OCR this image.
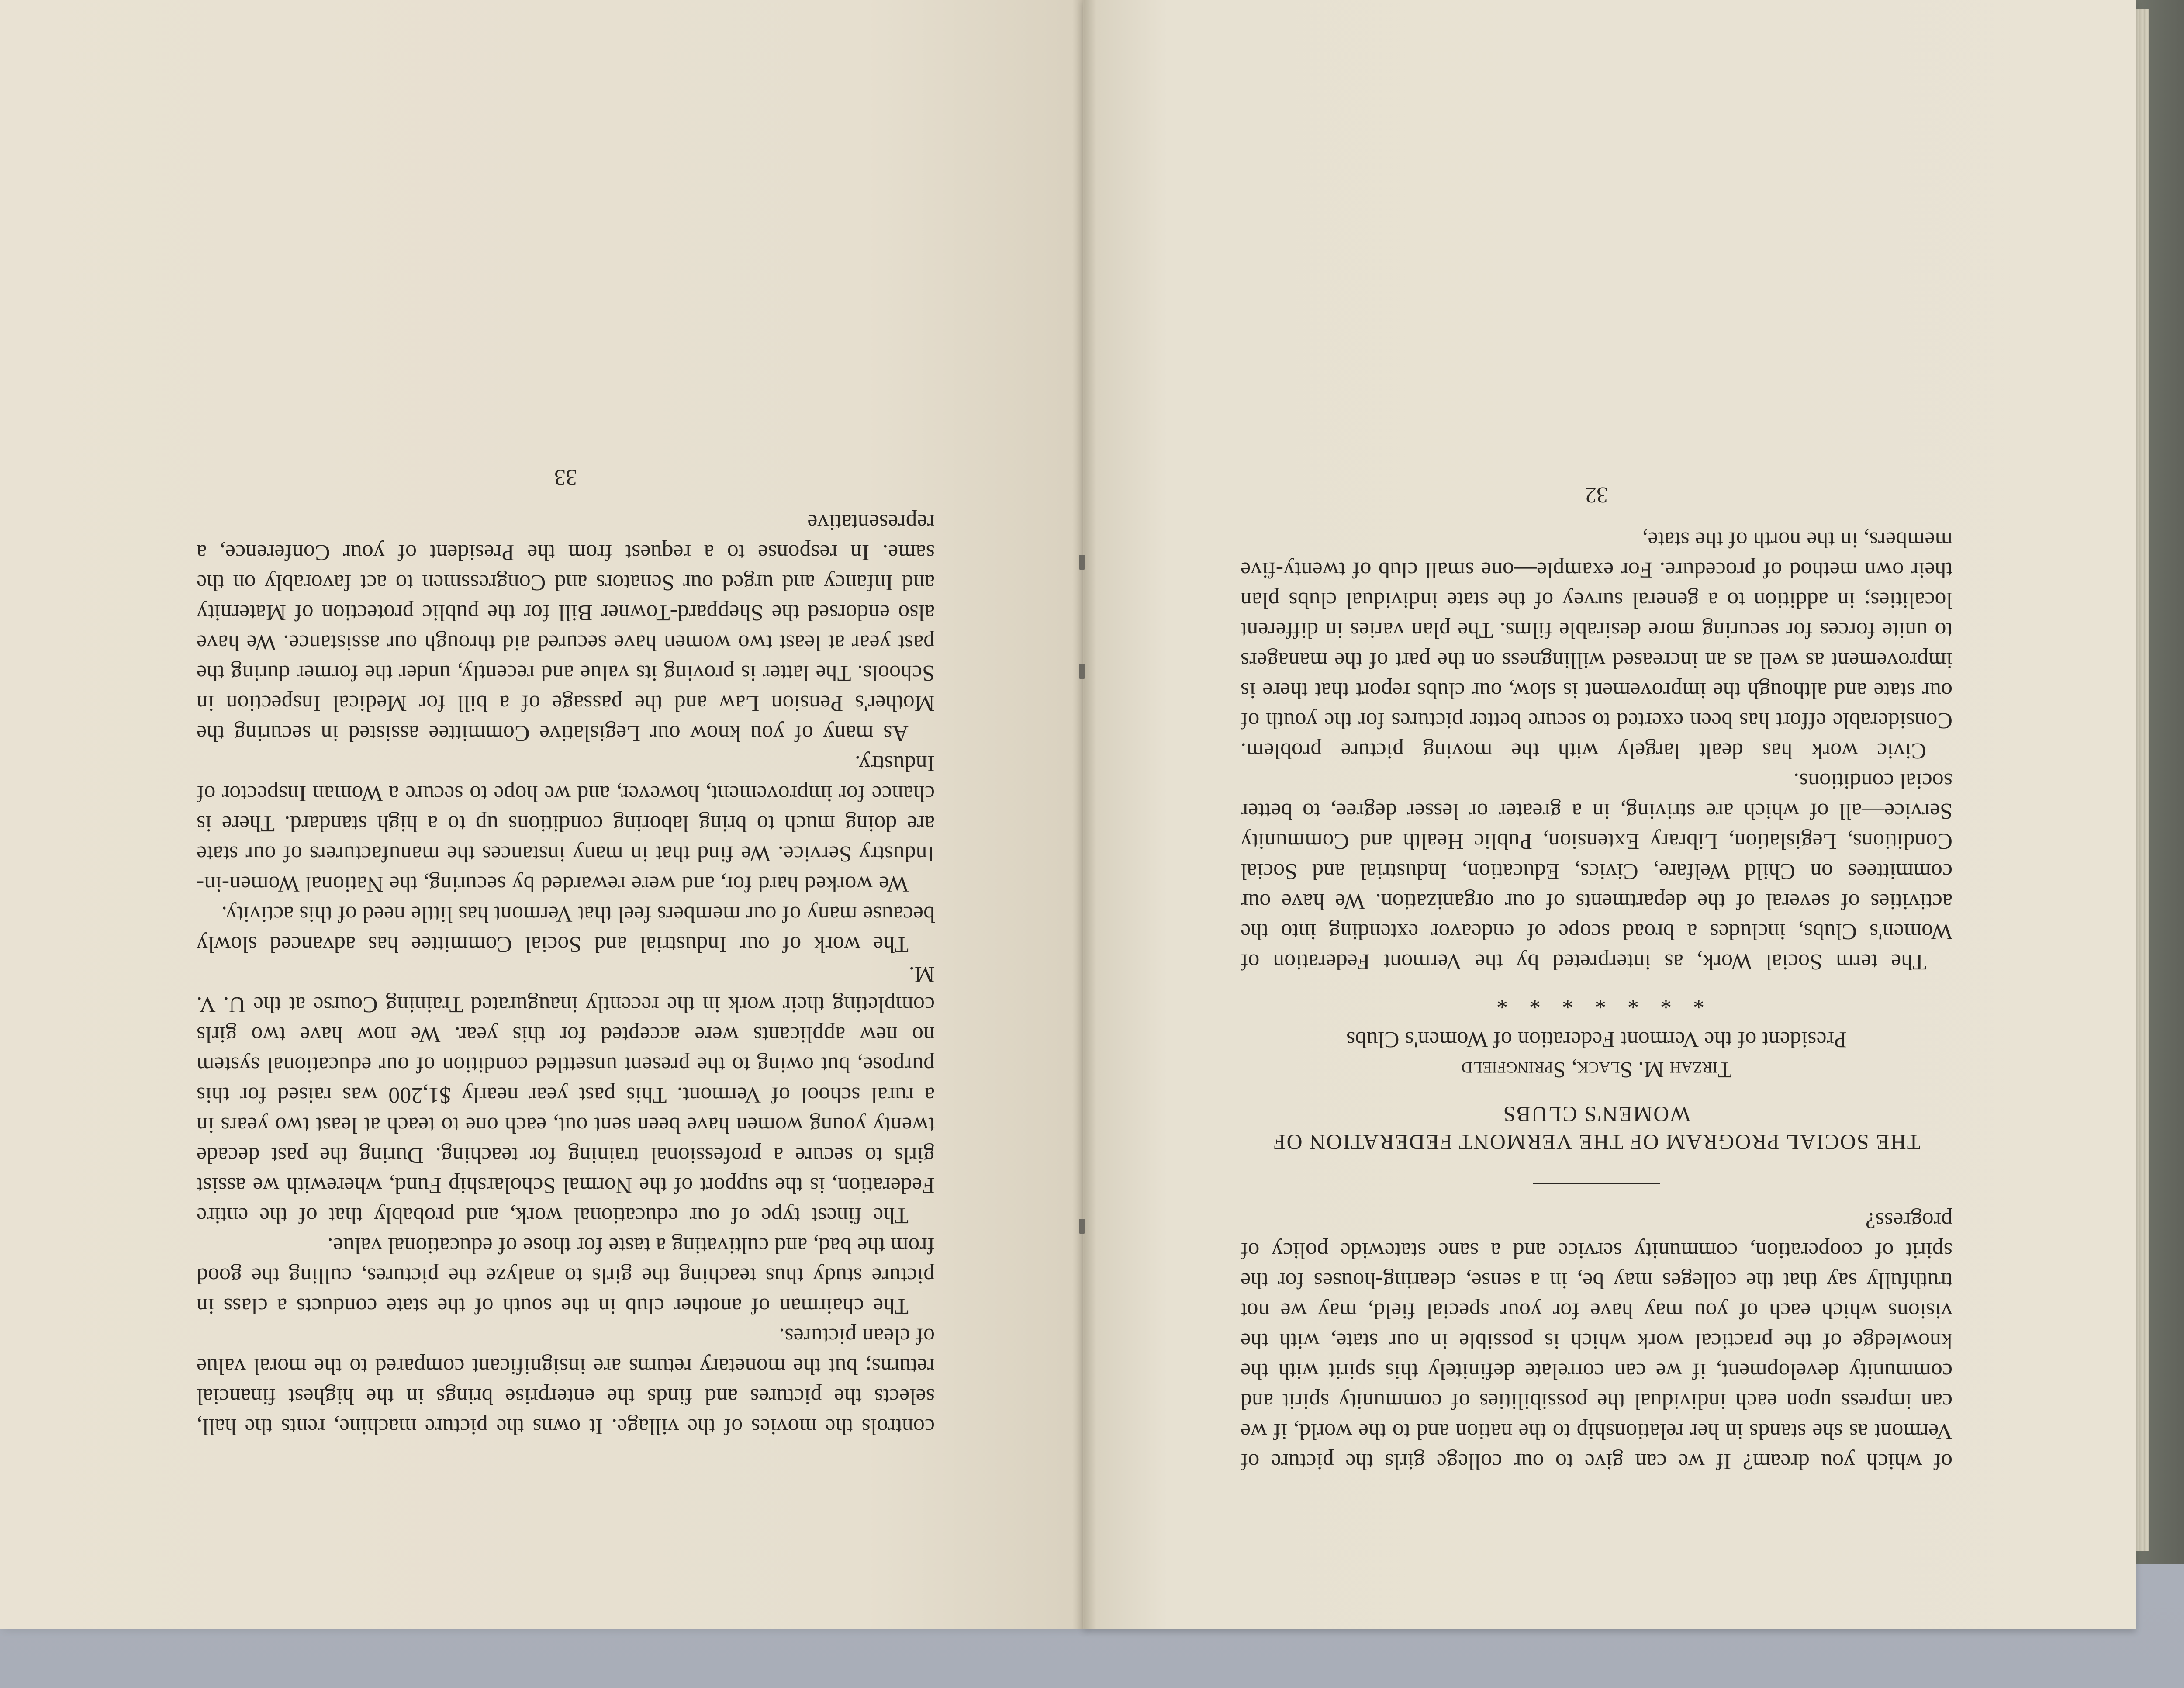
controls the movies of the village. It owns the picture machine, rents the hall, selects the pictures and finds the enterprise brings in the highest financial returns; but the monetary returns are insignificant compared to the moral value of clean pictures.

The chairman of another club in the south of the state conducts a class in picture study thus teaching the girls to analyze the pictures, culling the good from the bad, and cultivating a taste for those of educational value.

The finest type of our educational work, and probably that of the entire Federation, is the support of the Normal Scholarship Fund, wherewith we assist girls to secure a professional training for teaching. During the past decade twenty young women have been sent out, each one to teach at least two years in a rural school of Vermont. This past year nearly $1,200 was raised for this purpose, but owing to the present unsettled condition of our educational system no new applicants were accepted for this year. We now have two girls completing their work in the recently inaugurated Training Course at the U. V. M.

The work of our Industrial and Social Committee has advanced slowly because many of our members feel that Vermont has little need of this activity.

We worked hard for, and were rewarded by securing, the National Women-in-Industry Service. We find that in many instances the manufacturers of our state are doing much to bring laboring conditions up to a high standard. There is chance for improvement, however, and we hope to secure a Woman Inspector of Industry.

As many of you know our Legislative Committee assisted in securing the Mother's Pension Law and the passage of a bill for Medical Inspection in Schools. The latter is proving its value and recently, under the former during the past year at least two women have secured aid through our assistance. We have also endorsed the Sheppard-Towner Bill for the public protection of Maternity and Infancy and urged our Senators and Congressmen to act favorably on the same. In response to a request from the President of your Conference, a representative

33

of which you dream? If we can give to our college girls the picture of Vermont as she stands in her relationship to the nation and to the world, if we can impress upon each individual the possibilities of community spirit and community development, if we can correlate definitely this spirit with the knowledge of the practical work which is possible in our state, with the visions which each of you may have for your special field, may we not truthfully say that the colleges may be, in a sense, clearing-houses for the spirit of cooperation, community service and a sane statewide policy of progress?

THE SOCIAL PROGRAM OF THE VERMONT FEDERATION OF WOMEN'S CLUBS

Tirzah M. Slack, Springfield

President of the Vermont Federation of Women's Clubs

* * * * * * *

The term Social Work, as interpreted by the Vermont Federation of Women's Clubs, includes a broad scope of endeavor extending into the activities of several of the departments of our organization. We have our committees on Child Welfare, Civics, Education, Industrial and Social Conditions, Legislation, Library Extension, Public Health and Community Service—all of which are striving, in a greater or lesser degree, to better social conditions.

Civic work has dealt largely with the moving picture problem. Considerable effort has been exerted to secure better pictures for the youth of our state and although the improvement is slow, our clubs report that there is improvement as well as an increased willingness on the part of the managers to unite forces for securing more desirable films. The plan varies in different localities; in addition to a general survey of the state individual clubs plan their own method of procedure. For example—one small club of twenty-five members, in the north of the state,

32
